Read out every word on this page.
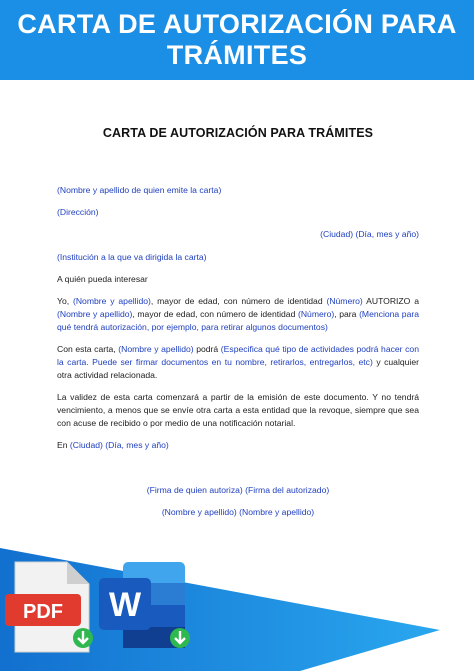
CARTA DE AUTORIZACIÓN PARA TRÁMITES

CARTA DE AUTORIZACIÓN PARA TRÁMITES

(Nombre y apellido de quien emite la carta)

(Dirección)

(Ciudad) (Día, mes y año)

(Institución a la que va dirigida la carta)

A quién pueda interesar

Yo, (Nombre y apellido), mayor de edad, con número de identidad (Número) AUTORIZO a (Nombre y apellido), mayor de edad, con número de identidad (Número), para (Menciona para qué tendrá autorización, por ejemplo, para retirar algunos documentos)

Con esta carta, (Nombre y apellido) podrá (Especifica qué tipo de actividades podrá hacer con la carta. Puede ser firmar documentos en tu nombre, retirarlos, entregarlos, etc) y cualquier otra actividad relacionada.

La validez de esta carta comenzará a partir de la emisión de este documento. Y no tendrá vencimiento, a menos que se envíe otra carta a esta entidad que la revoque, siempre que sea con acuse de recibido o por medio de una notificación notarial.

En (Ciudad) (Día, mes y año)

(Firma de quien autoriza) (Firma del autorizado)

(Nombre y apellido) (Nombre y apellido)

PDF W
